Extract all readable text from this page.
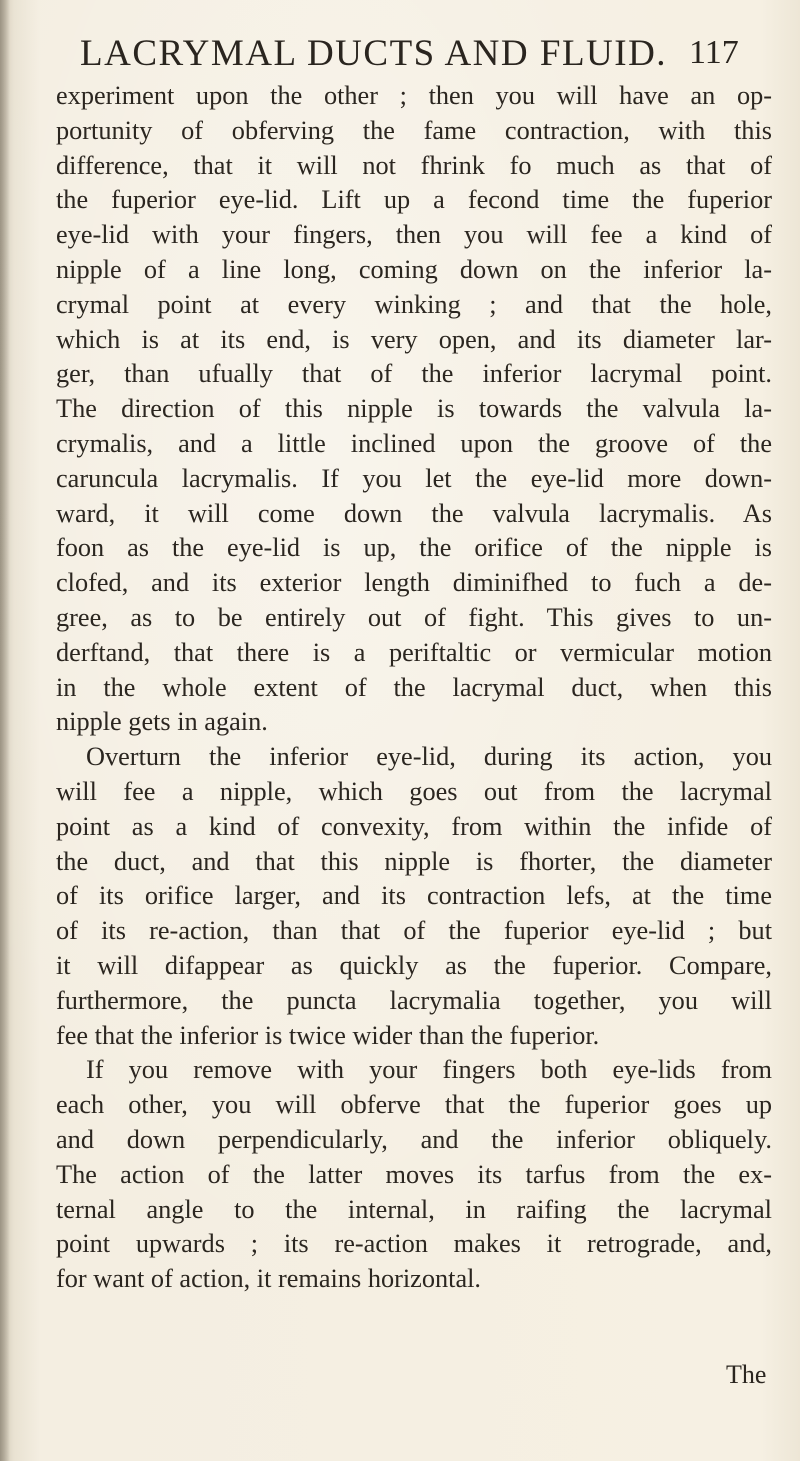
LACRYMAL DUCTS AND FLUID. 117
experiment upon the other ; then you will have an op-
portunity of obferving the fame contraction, with this
difference, that it will not fhrink fo much as that of
the fuperior eye-lid. Lift up a fecond time the fuperior
eye-lid with your fingers, then you will fee a kind of
nipple of a line long, coming down on the inferior la-
crymal point at every winking ; and that the hole,
which is at its end, is very open, and its diameter lar-
ger, than ufually that of the inferior lacrymal point.
The direction of this nipple is towards the valvula la-
crymalis, and a little inclined upon the groove of the
caruncula lacrymalis. If you let the eye-lid more down-
ward, it will come down the valvula lacrymalis. As
foon as the eye-lid is up, the orifice of the nipple is
clofed, and its exterior length diminifhed to fuch a de-
gree, as to be entirely out of fight. This gives to un-
derftand, that there is a periftaltic or vermicular motion
in the whole extent of the lacrymal duct, when this
nipple gets in again.
Overturn the inferior eye-lid, during its action, you
will fee a nipple, which goes out from the lacrymal
point as a kind of convexity, from within the infide of
the duct, and that this nipple is fhorter, the diameter
of its orifice larger, and its contraction lefs, at the time
of its re-action, than that of the fuperior eye-lid ; but
it will difappear as quickly as the fuperior. Compare,
furthermore, the puncta lacrymalia together, you will
fee that the inferior is twice wider than the fuperior.
If you remove with your fingers both eye-lids from
each other, you will obferve that the fuperior goes up
and down perpendicularly, and the inferior obliquely.
The action of the latter moves its tarfus from the ex-
ternal angle to the internal, in raifing the lacrymal
point upwards ; its re-action makes it retrograde, and,
for want of action, it remains horizontal.
The
